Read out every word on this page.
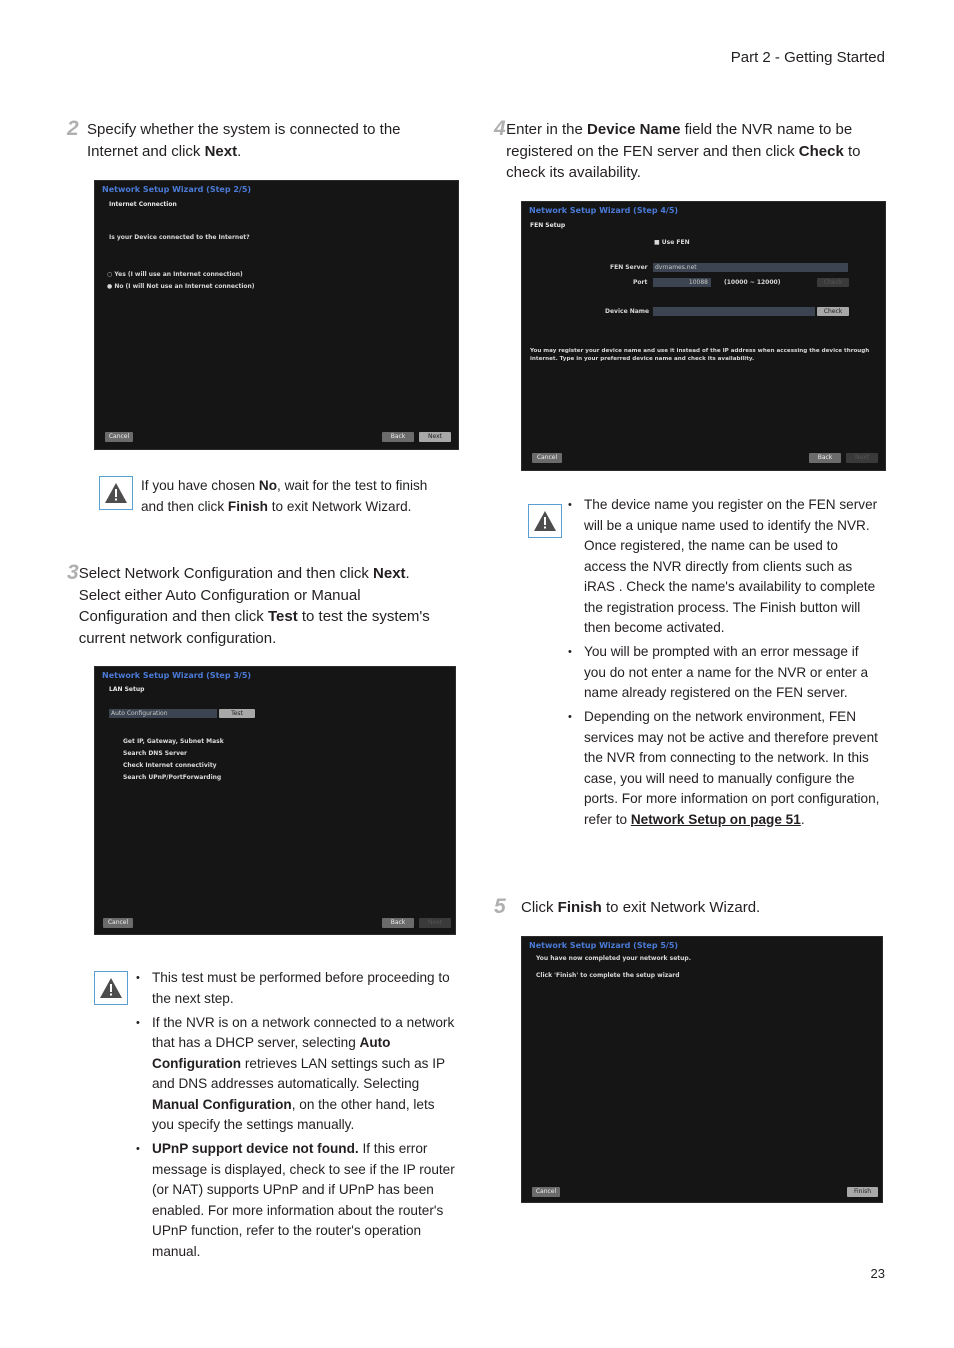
Part 2 - Getting Started
2 Specify whether the system is connected to the Internet and click Next.
Network Setup Wizard (Step 2/5)
Internet Connection
Is your Device connected to the Internet?
○ Yes (I will use an Internet connection)
● No (I will Not use an Internet connection)
Cancel	Back	Next
If you have chosen No, wait for the test to finish and then click Finish to exit Network Wizard.
3 Select Network Configuration and then click Next. Select either Auto Configuration or Manual Configuration and then click Test to test the system's current network configuration.
Network Setup Wizard (Step 3/5)
LAN Setup
Auto Configuration	Test
Get IP, Gateway, Subnet Mask
Search DNS Server
Check Internet connectivity
Search UPnP/PortForwarding
Cancel	Back	Next
• This test must be performed before proceeding to the next step.
• If the NVR is on a network connected to a network that has a DHCP server, selecting Auto Configuration retrieves LAN settings such as IP and DNS addresses automatically. Selecting Manual Configuration, on the other hand, lets you specify the settings manually.
• UPnP support device not found. If this error message is displayed, check to see if the IP router (or NAT) supports UPnP and if UPnP has been enabled. For more information about the router's UPnP function, refer to the router's operation manual.
4 Enter in the Device Name field the NVR name to be registered on the FEN server and then click Check to check its availability.
Network Setup Wizard (Step 4/5)
FEN Setup
■ Use FEN
FEN Server	dvrnames.net
Port	10088	(10000 ~ 12000)	Check
Device Name	Check
You may register your device name and use it instead of the IP address when accessing the device through internet. Type in your preferred device name and check its availability.
Cancel	Back	Next
• The device name you register on the FEN server will be a unique name used to identify the NVR. Once registered, the name can be used to access the NVR directly from clients such as iRAS . Check the name's availability to complete the registration process. The Finish button will then become activated.
• You will be prompted with an error message if you do not enter a name for the NVR or enter a name already registered on the FEN server.
• Depending on the network environment, FEN services may not be active and therefore prevent the NVR from connecting to the network. In this case, you will need to manually configure the ports. For more information on port configuration, refer to Network Setup on page 51.
5	Click Finish to exit Network Wizard.
Network Setup Wizard (Step 5/5)
You have now completed your network setup.
Click 'Finish' to complete the setup wizard
Cancel	Finish
23
